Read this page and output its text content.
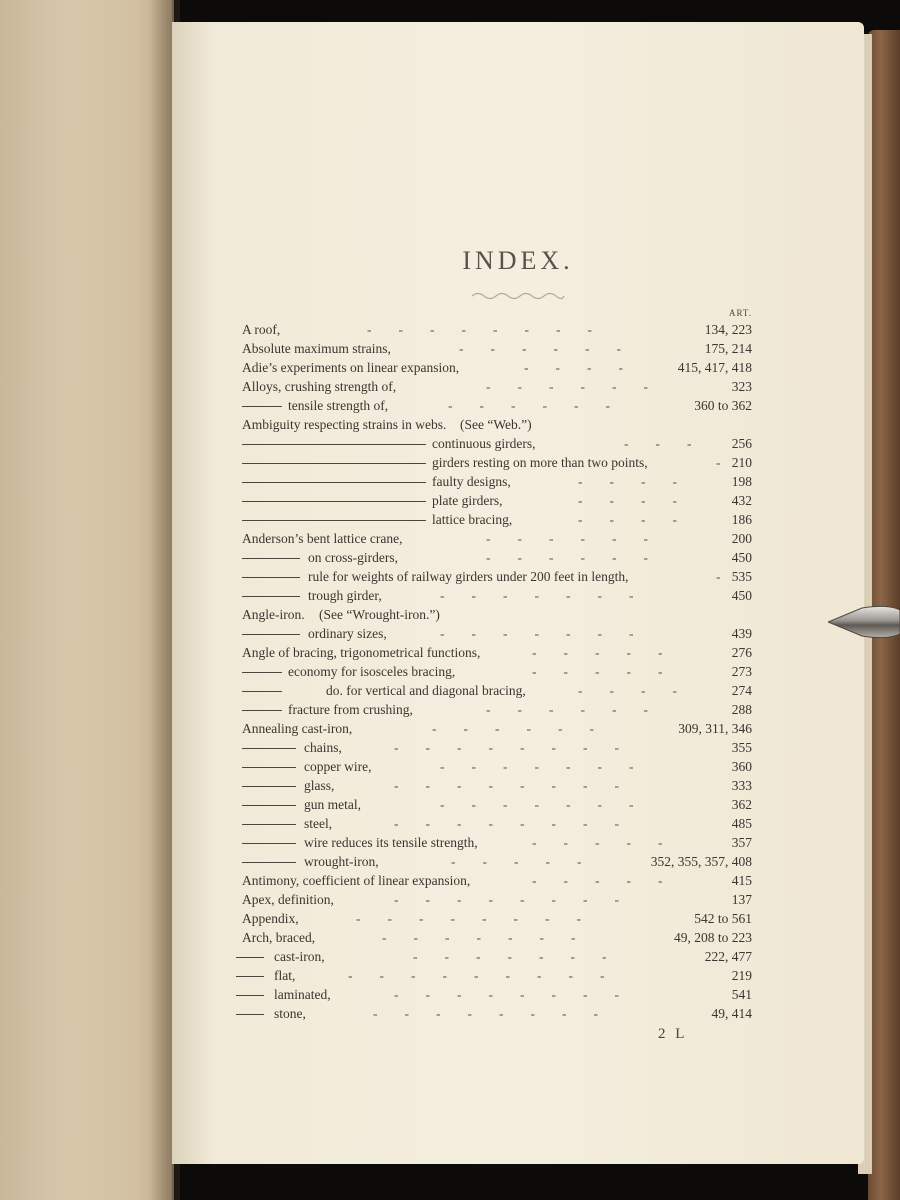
INDEX.
ART.
A roof,	134, 223
-        -        -        -        -        -        -        -
Absolute maximum strains,	175, 214
-        -        -        -        -        -
Adie’s experiments on linear expansion,	415, 417, 418
-        -        -        -
Alloys, crushing strength of,	323
-        -        -        -        -        -
tensile strength of,	360 to 362
-        -        -        -        -        -
Ambiguity respecting strains in webs. (See “Web.”)
continuous girders,	256
-        -        -
girders resting on more than two points,	210
-
faulty designs,	198
-        -        -        -
plate girders,	432
-        -        -        -
lattice bracing,	186
-        -        -        -
Anderson’s bent lattice crane,	200
-        -        -        -        -        -
on cross-girders,	450
-        -        -        -        -        -
rule for weights of railway girders under 200 feet in length,	535
-
trough girder,	450
-        -        -        -        -        -        -
Angle-iron. (See “Wrought-iron.”)
ordinary sizes,	439
-        -        -        -        -        -        -
Angle of bracing, trigonometrical functions,	276
-        -        -        -        -
economy for isosceles bracing,	273
-        -        -        -        -
do. for vertical and diagonal bracing,	274
-        -        -        -
fracture from crushing,	288
-        -        -        -        -        -
Annealing cast-iron,	309, 311, 346
-        -        -        -        -        -
chains,	355
-        -        -        -        -        -        -        -
copper wire,	360
-        -        -        -        -        -        -
glass,	333
-        -        -        -        -        -        -        -
gun metal,	362
-        -        -        -        -        -        -
steel,	485
-        -        -        -        -        -        -        -
wire reduces its tensile strength,	357
-        -        -        -        -
wrought-iron,	352, 355, 357, 408
-        -        -        -        -
Antimony, coefficient of linear expansion,	415
-        -        -        -        -
Apex, definition,	137
-        -        -        -        -        -        -        -
Appendix,	542 to 561
-        -        -        -        -        -        -        -
Arch, braced,	49, 208 to 223
-        -        -        -        -        -        -
cast-iron,	222, 477
-        -        -        -        -        -        -
flat,	219
-        -        -        -        -        -        -        -        -
laminated,	541
-        -        -        -        -        -        -        -
stone,	49, 414
-        -        -        -        -        -        -        -
2 L
